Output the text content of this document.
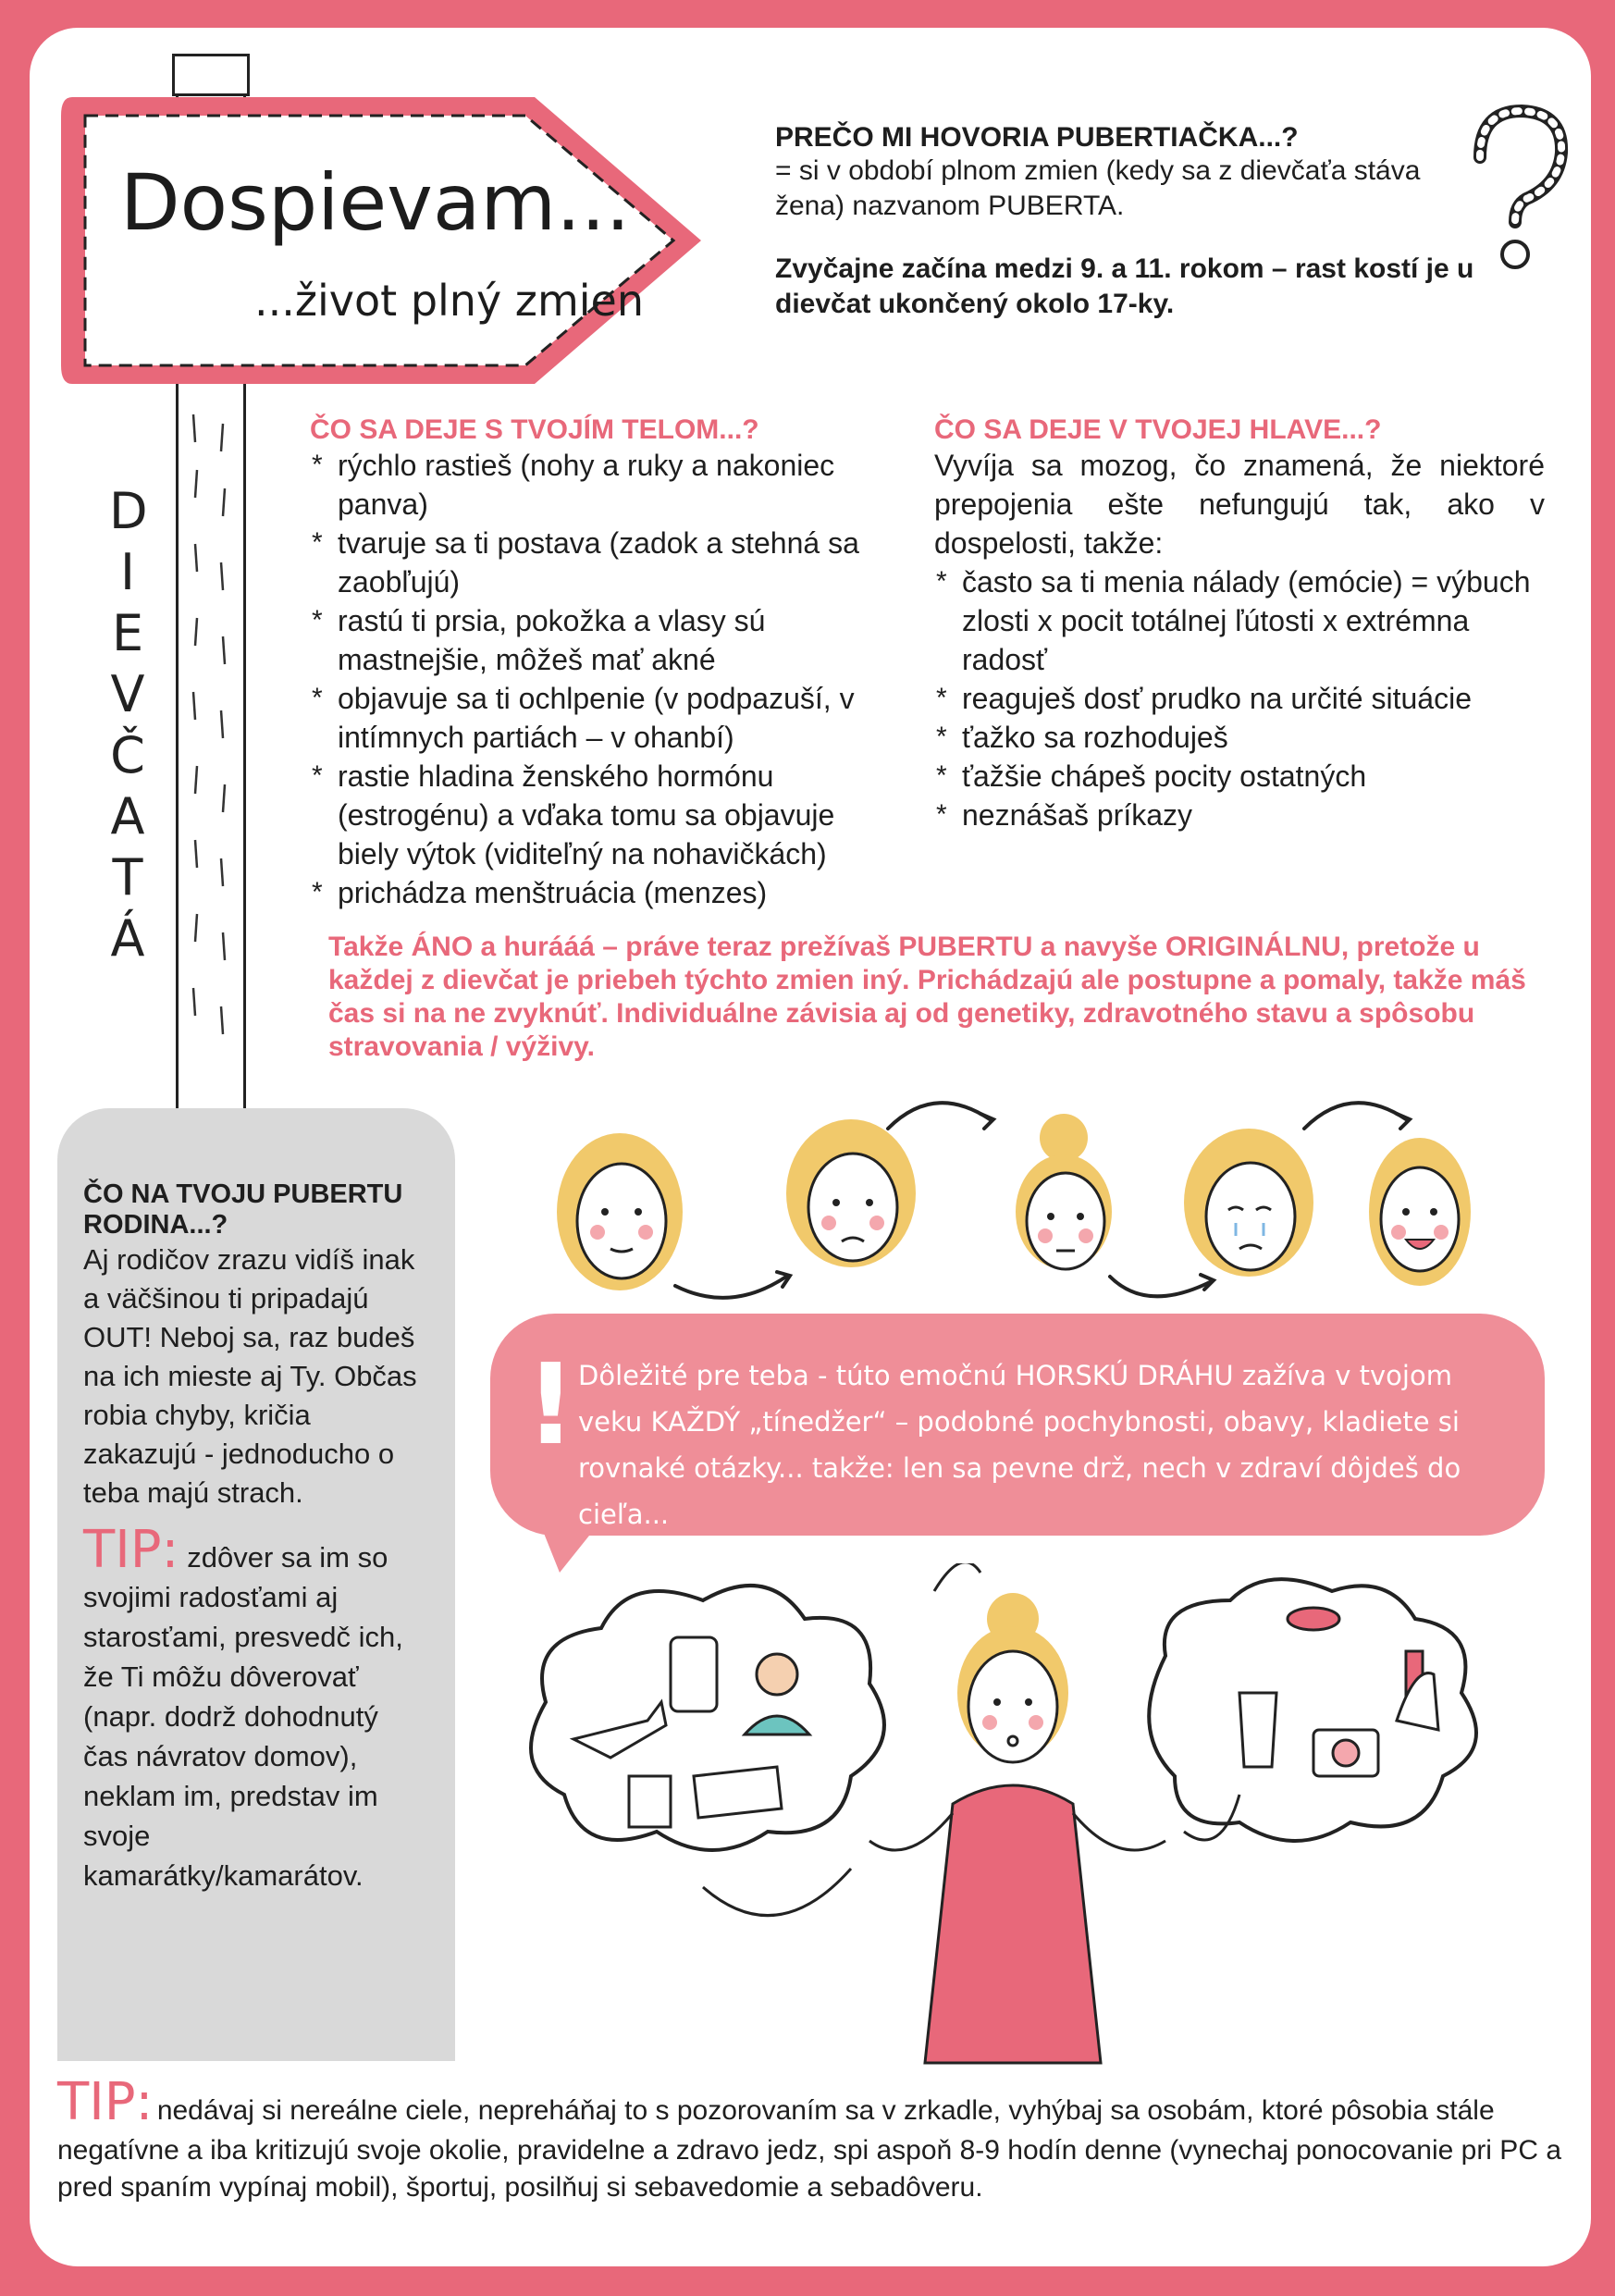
Dospievam...
...život plný zmien
D
I
E
V
Č
A
T
Á
PREČO MI HOVORIA PUBERTIAČKA...?
= si v období plnom zmien (kedy sa z dievčaťa stáva žena) nazvanom PUBERTA.
Zvyčajne začína medzi 9. a 11. rokom – rast kostí je u dievčat ukončený okolo 17-ky.
ČO SA DEJE S TVOJÍM TELOM...?
* rýchlo rastieš (nohy a ruky a nakoniec panva)
* tvaruje sa ti postava (zadok a stehná sa zaobľujú)
* rastú ti prsia, pokožka a vlasy sú mastnejšie, môžeš mať akné
* objavuje sa ti ochlpenie (v podpazuší, v intímnych partiách – v ohanbí)
* rastie hladina ženského hormónu (estrogénu) a vďaka tomu sa objavuje biely výtok (viditeľný na nohavičkách)
* prichádza menštruácia (menzes)
ČO SA DEJE V TVOJEJ HLAVE...?
Vyvíja sa mozog, čo znamená, že niektoré prepojenia ešte nefungujú tak, ako v dospelosti, takže:
* často sa ti menia nálady (emócie) = výbuch zlosti x pocit totálnej ľútosti x extrémna radosť
* reaguješ dosť prudko na určité situácie
* ťažko sa rozhoduješ
* ťažšie chápeš pocity ostatných
* neznášaš príkazy
Takže ÁNO a hurááá – práve teraz prežívaš PUBERTU a navyše ORIGINÁLNU, pretože u každej z dievčat je priebeh týchto zmien iný. Prichádzajú ale postupne a pomaly, takže máš čas si na ne zvyknúť. Individuálne závisia aj od genetiky, zdravotného stavu a spôsobu stravovania / výživy.
ČO NA TVOJU PUBERTU RODINA...?
Aj rodičov zrazu vidíš inak a väčšinou ti pripadajú OUT! Neboj sa, raz budeš na ich mieste aj Ty. Občas robia chyby, kričia zakazujú - jednoducho o teba majú strach.
TIP: zdôver sa im so svojimi radosťami aj starosťami, presvedč ich, že Ti môžu dôverovať (napr. dodrž dohodnutý čas návratov domov), neklam im, predstav im svoje kamarátky/kamarátov.
! Dôležité pre teba - túto emočnú HORSKÚ DRÁHU zažíva v tvojom veku KAŽDÝ „tínedžer“ – podobné pochybnosti, obavy, kladiete si rovnaké otázky... takže: len sa pevne drž, nech v zdraví dôjdeš do cieľa...
TIP: nedávaj si nereálne ciele, nepreháňaj to s pozorovaním sa v zrkadle, vyhýbaj sa osobám, ktoré pôsobia stále negatívne a iba kritizujú svoje okolie, pravidelne a zdravo jedz, spi aspoň 8-9 hodín denne (vynechaj ponocovanie pri PC a pred spaním vypínaj mobil), športuj, posilňuj si sebavedomie a sebadôveru.
